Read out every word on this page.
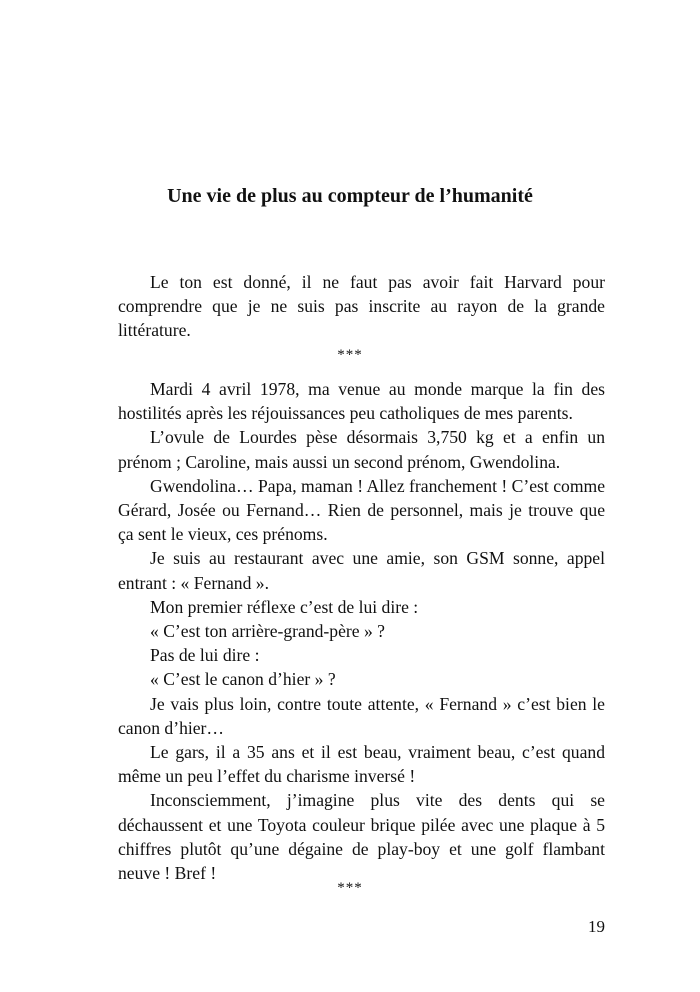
Une vie de plus au compteur de l’humanité

Le ton est donné, il ne faut pas avoir fait Harvard pour comprendre que je ne suis pas inscrite au rayon de la grande littérature.

***

Mardi 4 avril 1978, ma venue au monde marque la fin des hostilités après les réjouissances peu catholiques de mes parents.

L’ovule de Lourdes pèse désormais 3,750 kg et a enfin un prénom ; Caroline, mais aussi un second prénom, Gwendolina.

Gwendolina… Papa, maman ! Allez franchement ! C’est comme Gérard, Josée ou Fernand… Rien de personnel, mais je trouve que ça sent le vieux, ces prénoms.

Je suis au restaurant avec une amie, son GSM sonne, appel entrant : « Fernand ».

Mon premier réflexe c’est de lui dire :

« C’est ton arrière-grand-père » ?

Pas de lui dire :

« C’est le canon d’hier » ?

Je vais plus loin, contre toute attente, « Fernand » c’est bien le canon d’hier…

Le gars, il a 35 ans et il est beau, vraiment beau, c’est quand même un peu l’effet du charisme inversé !

Inconsciemment, j’imagine plus vite des dents qui se déchaussent et une Toyota couleur brique pilée avec une plaque à 5 chiffres plutôt qu’une dégaine de play-boy et une golf flambant neuve ! Bref !

***
19
